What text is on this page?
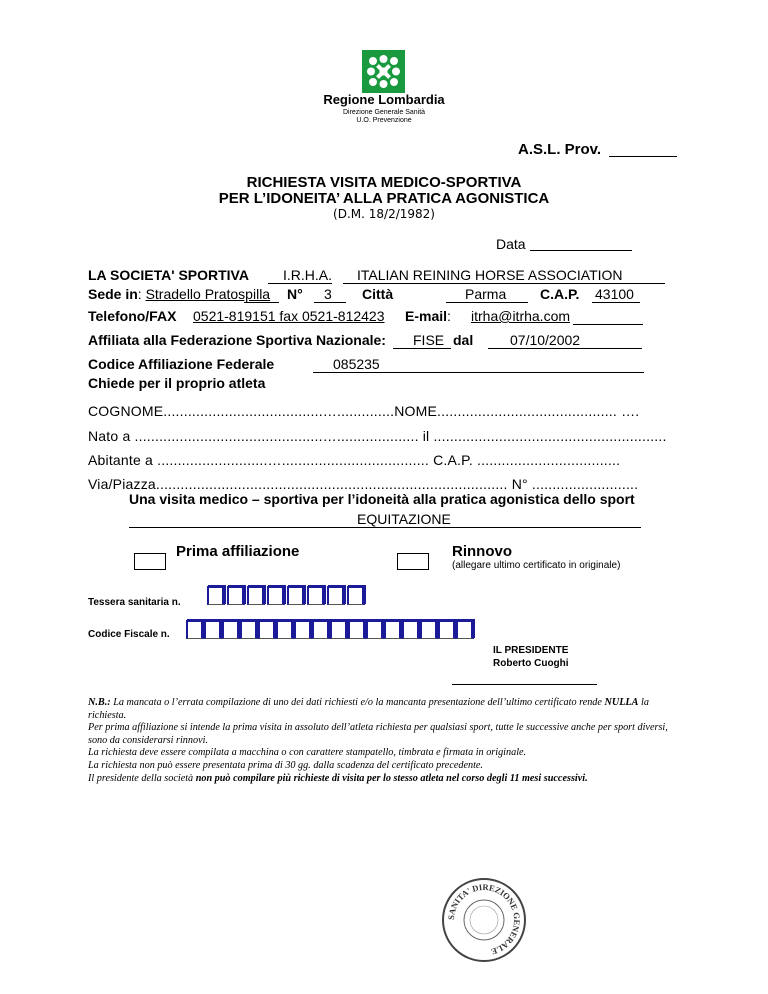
Regione Lombardia
Direzione Generale Sanità
U.O. Prevenzione
A.S.L. Prov.
RICHIESTA VISITA MEDICO-SPORTIVA
PER L’IDONEITA’ ALLA PRATICA AGONISTICA
(D.M. 18/2/1982)
Data
LA SOCIETA' SPORTIVA I.R.H.A. ITALIAN REINING HORSE ASSOCIATION
Sede in: Stradello Pratospilla N° 3 Città	Parma C.A.P. 43100
Telefono/FAX 0521-819151 fax 0521-812423 E-mail: itrha@itrha.com
Affiliata alla Federazione Sportiva Nazionale: FISE dal	07/10/2002
Codice Affiliazione Federale	085235
Chiede per il proprio atleta
COGNOME.......................................…..............NOME............................................ ….
Nato a ..............................................….................... il .........................................................
Abitante a ...........................….................................... C.A.P. ...................................
Via/Piazza...................................................................................... N° ..........................
Una visita medico – sportiva per l’idoneità alla pratica agonistica dello sport
EQUITAZIONE
Prima affiliazione	Rinnovo
(allegare ultimo certificato in originale)
Tessera sanitaria n.
Codice Fiscale n.
IL PRESIDENTE
Roberto Cuoghi
N.B.: La mancata o l’errata compilazione di uno dei dati richiesti e/o la mancanta presentazione dell’ultimo certificato rende NULLA la richiesta.
Per prima affiliazione si intende la prima visita in assoluto dell’atleta richiesta per qualsiasi sport, tutte le successive anche per sport diversi, sono da considerarsi rinnovi.
La richiesta deve essere compilata a macchina o con carattere stampatello, timbrata e firmata in originale.
La richiesta non può essere presentata prima di 30 gg. dalla scadenza del certificato precedente.
Il presidente della società non può compilare più richieste di visita per lo stesso atleta nel corso degli 11 mesi successivi.
SANITA' DIREZIONE GENERALE
